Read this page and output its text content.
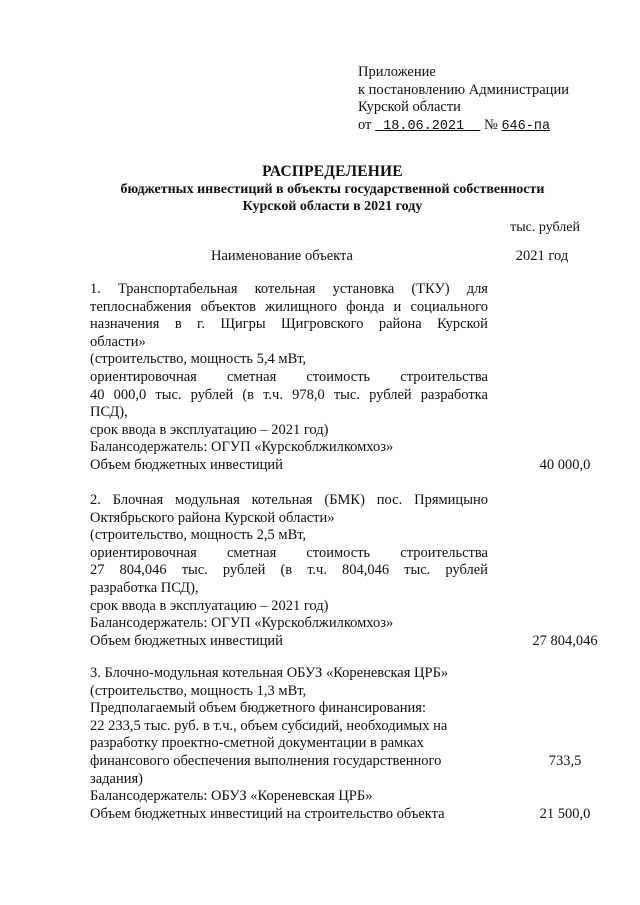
Приложение
к постановлению Администрации
Курской области
от 18.06.2021 № 646-па
РАСПРЕДЕЛЕНИЕ
бюджетных инвестиций в объекты государственной собственности
Курской области в 2021 году
тыс. рублей
Наименование объекта	2021 год
1. Транспортабельная котельная установка (ТКУ) для
теплоснабжения объектов жилищного фонда и социального
назначения в г. Щигры Щигровского района Курской
области»
(строительство, мощность 5,4 мВт,
ориентировочная сметная стоимость строительства
40 000,0 тыс. рублей (в т.ч. 978,0 тыс. рублей разработка
ПСД),
срок ввода в эксплуатацию – 2021 год)
Балансодержатель: ОГУП «Курскоблжилкомхоз»
Объем бюджетных инвестиций	40 000,0
2. Блочная модульная котельная (БМК) пос. Прямицыно
Октябрьского района Курской области»
(строительство, мощность 2,5 мВт,
ориентировочная сметная стоимость строительства
27 804,046 тыс. рублей (в т.ч. 804,046 тыс. рублей
разработка ПСД),
срок ввода в эксплуатацию – 2021 год)
Балансодержатель: ОГУП «Курскоблжилкомхоз»
Объем бюджетных инвестиций	27 804,046
3. Блочно-модульная котельная ОБУЗ «Кореневская ЦРБ»
(строительство, мощность 1,3 мВт,
Предполагаемый объем бюджетного финансирования:
22 233,5 тыс. руб. в т.ч., объем субсидий, необходимых на
разработку проектно-сметной документации в рамках
финансового обеспечения выполнения государственного	733,5
задания)
Балансодержатель: ОБУЗ «Кореневская ЦРБ»
Объем бюджетных инвестиций на строительство объекта	21 500,0
